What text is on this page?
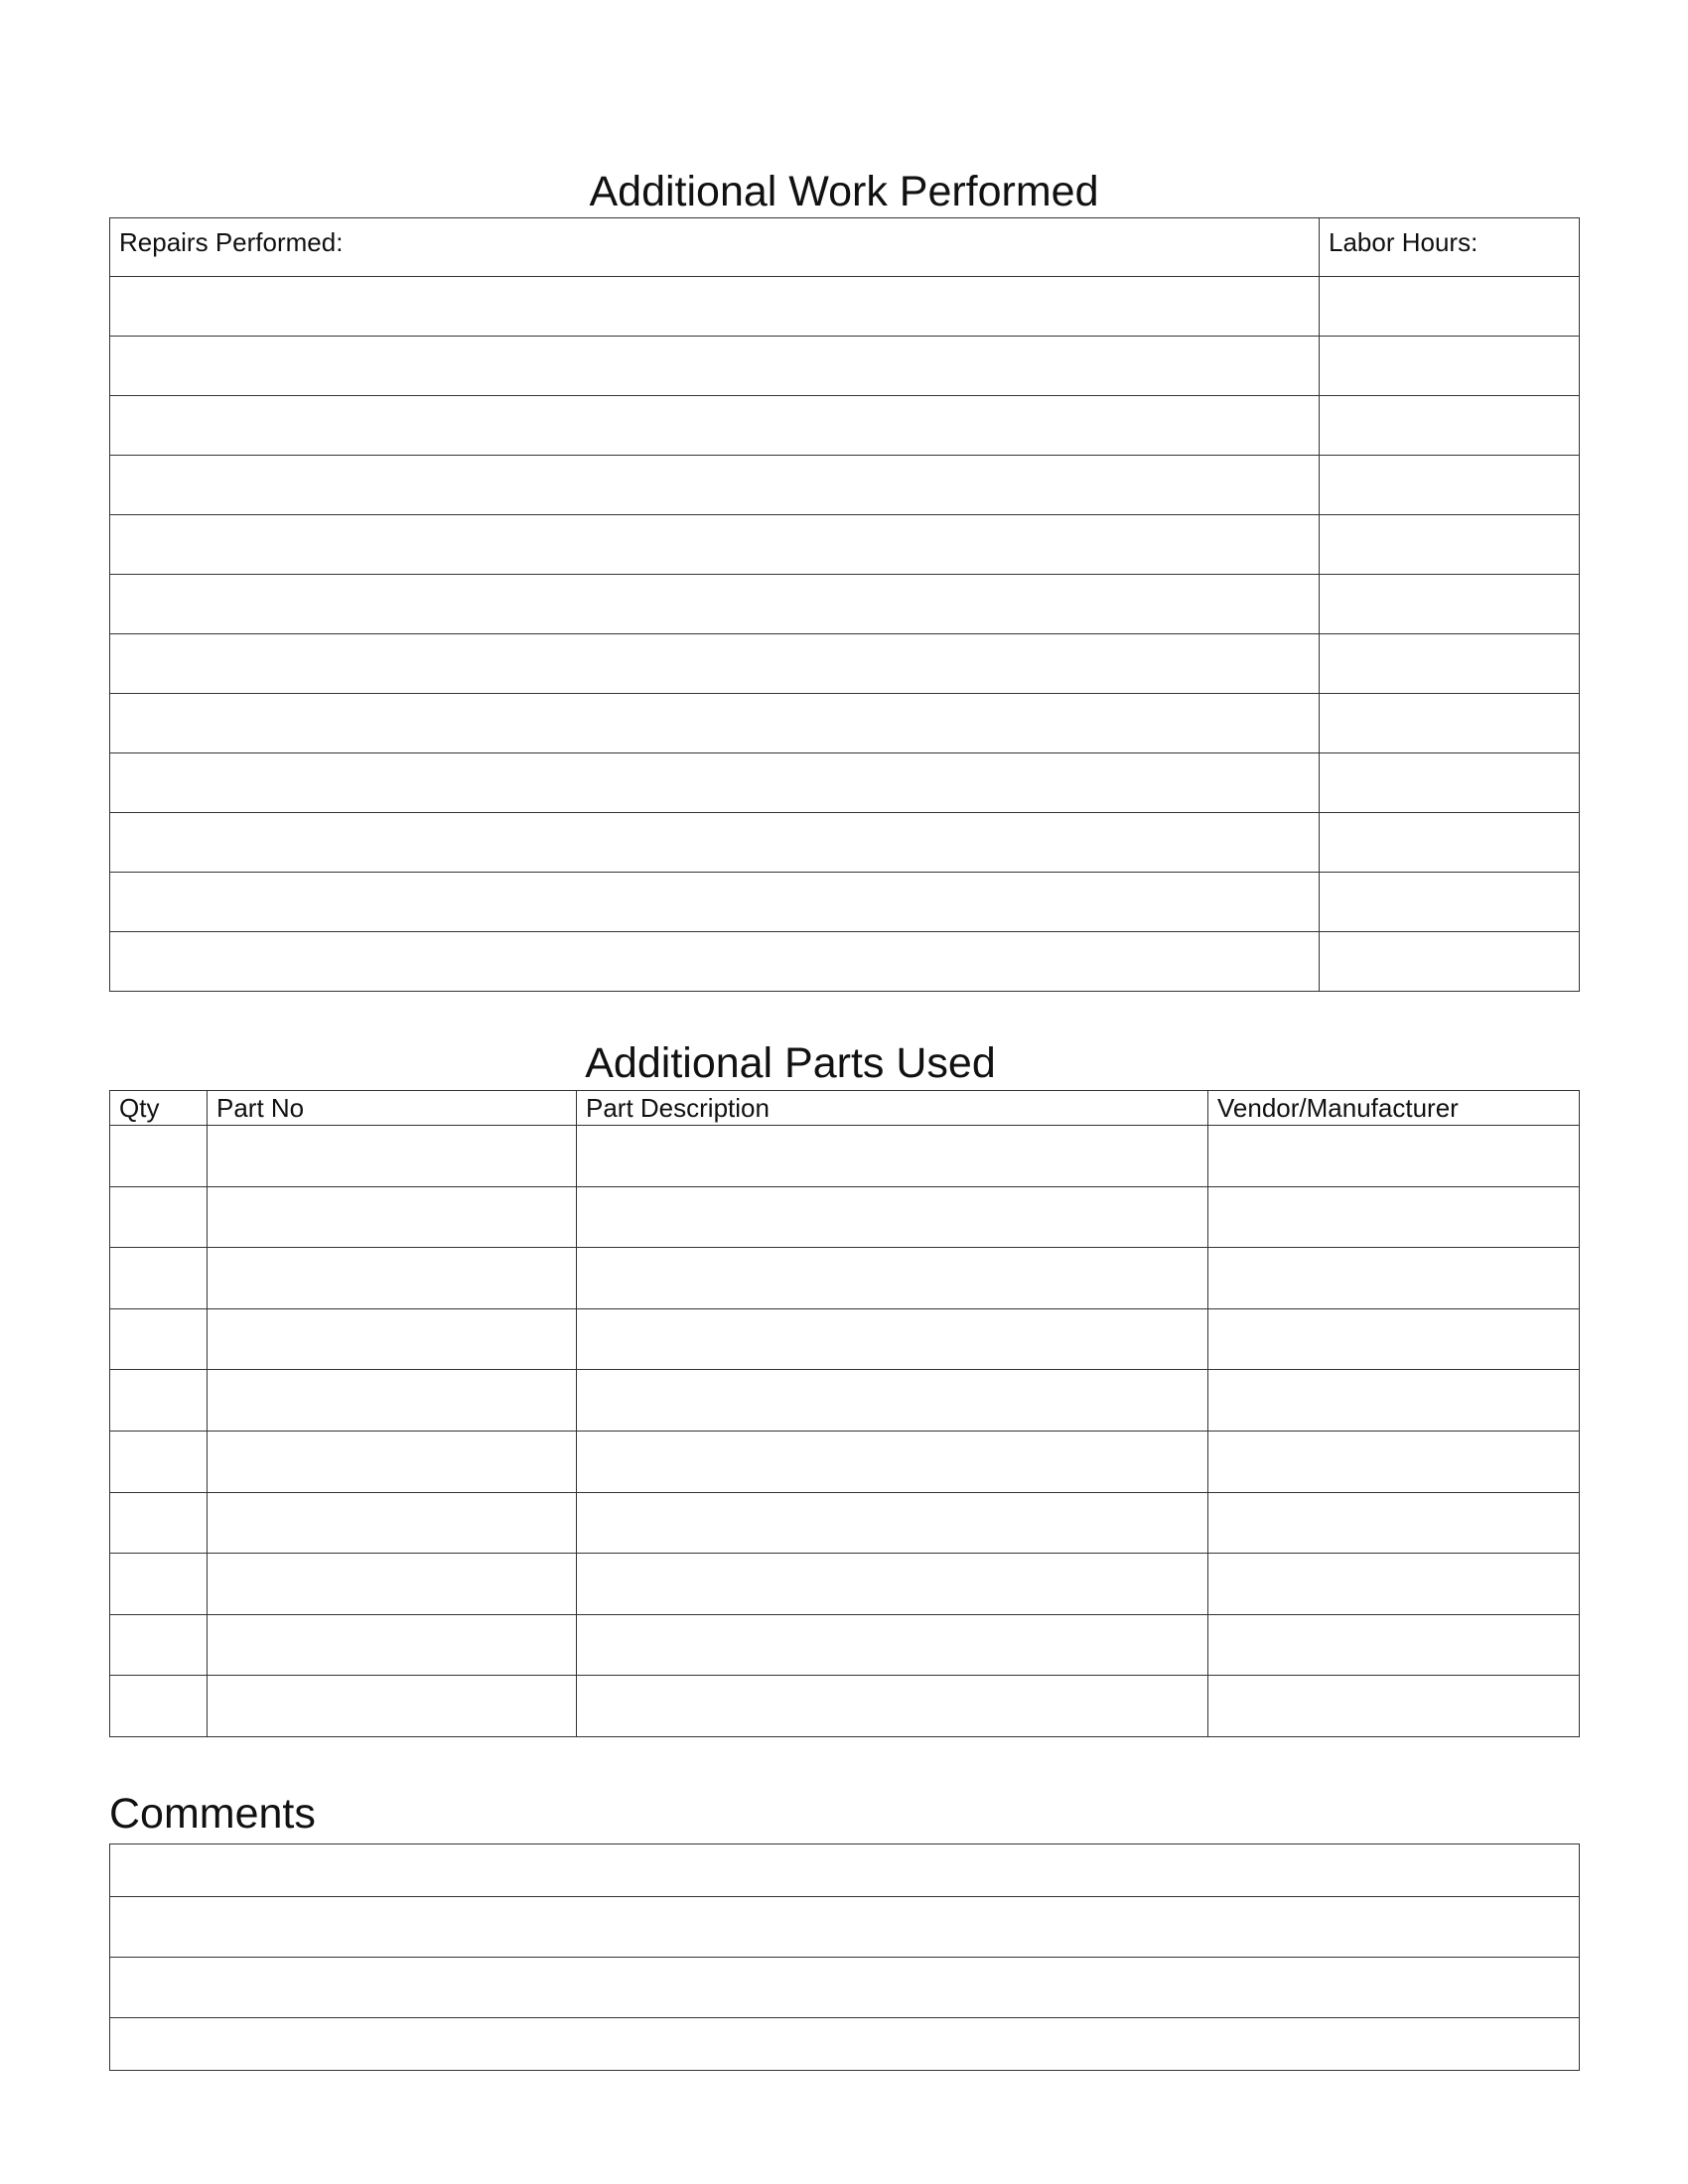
Additional Work Performed
Repairs Performed:	Labor Hours:

Additional Parts Used
Qty	Part No	Part Description	Vendor/Manufacturer

Comments
